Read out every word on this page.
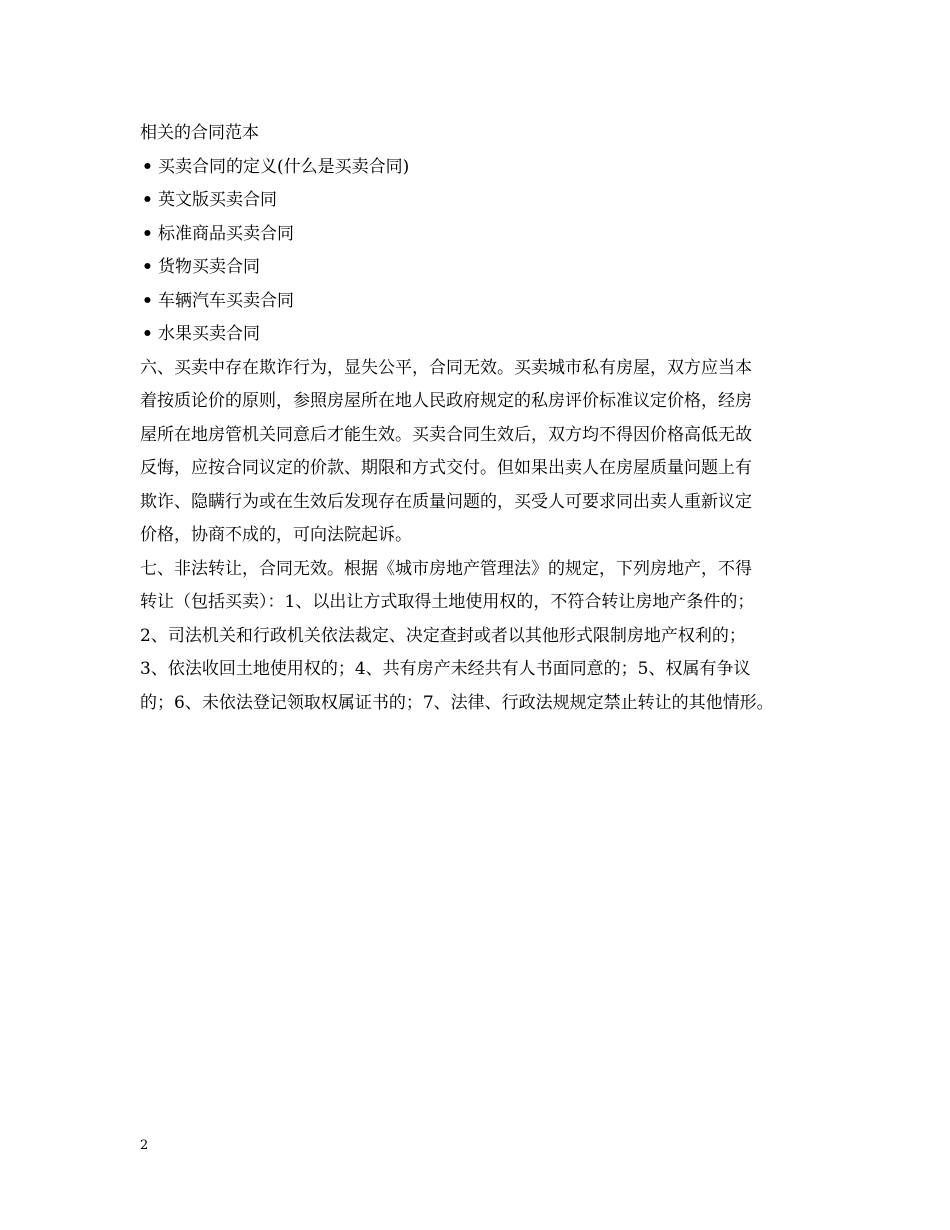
相关的合同范本

• 买卖合同的定义(什么是买卖合同)

• 英文版买卖合同

• 标准商品买卖合同

• 货物买卖合同

• 车辆汽车买卖合同

• 水果买卖合同

六、买卖中存在欺诈行为，显失公平，合同无效。买卖城市私有房屋，双方应当本

着按质论价的原则，参照房屋所在地人民政府规定的私房评价标准议定价格，经房

屋所在地房管机关同意后才能生效。买卖合同生效后，双方均不得因价格高低无故

反悔，应按合同议定的价款、期限和方式交付。但如果出卖人在房屋质量问题上有

欺诈、隐瞒行为或在生效后发现存在质量问题的，买受人可要求同出卖人重新议定

价格，协商不成的，可向法院起诉。

七、非法转让，合同无效。根据《城市房地产管理法》的规定，下列房地产，不得

转让（包括买卖）：1、以出让方式取得土地使用权的，不符合转让房地产条件的；

2、司法机关和行政机关依法裁定、决定查封或者以其他形式限制房地产权利的；

3、依法收回土地使用权的；4、共有房产未经共有人书面同意的；5、权属有争议

的；6、未依法登记领取权属证书的；7、法律、行政法规规定禁止转让的其他情形。

2
